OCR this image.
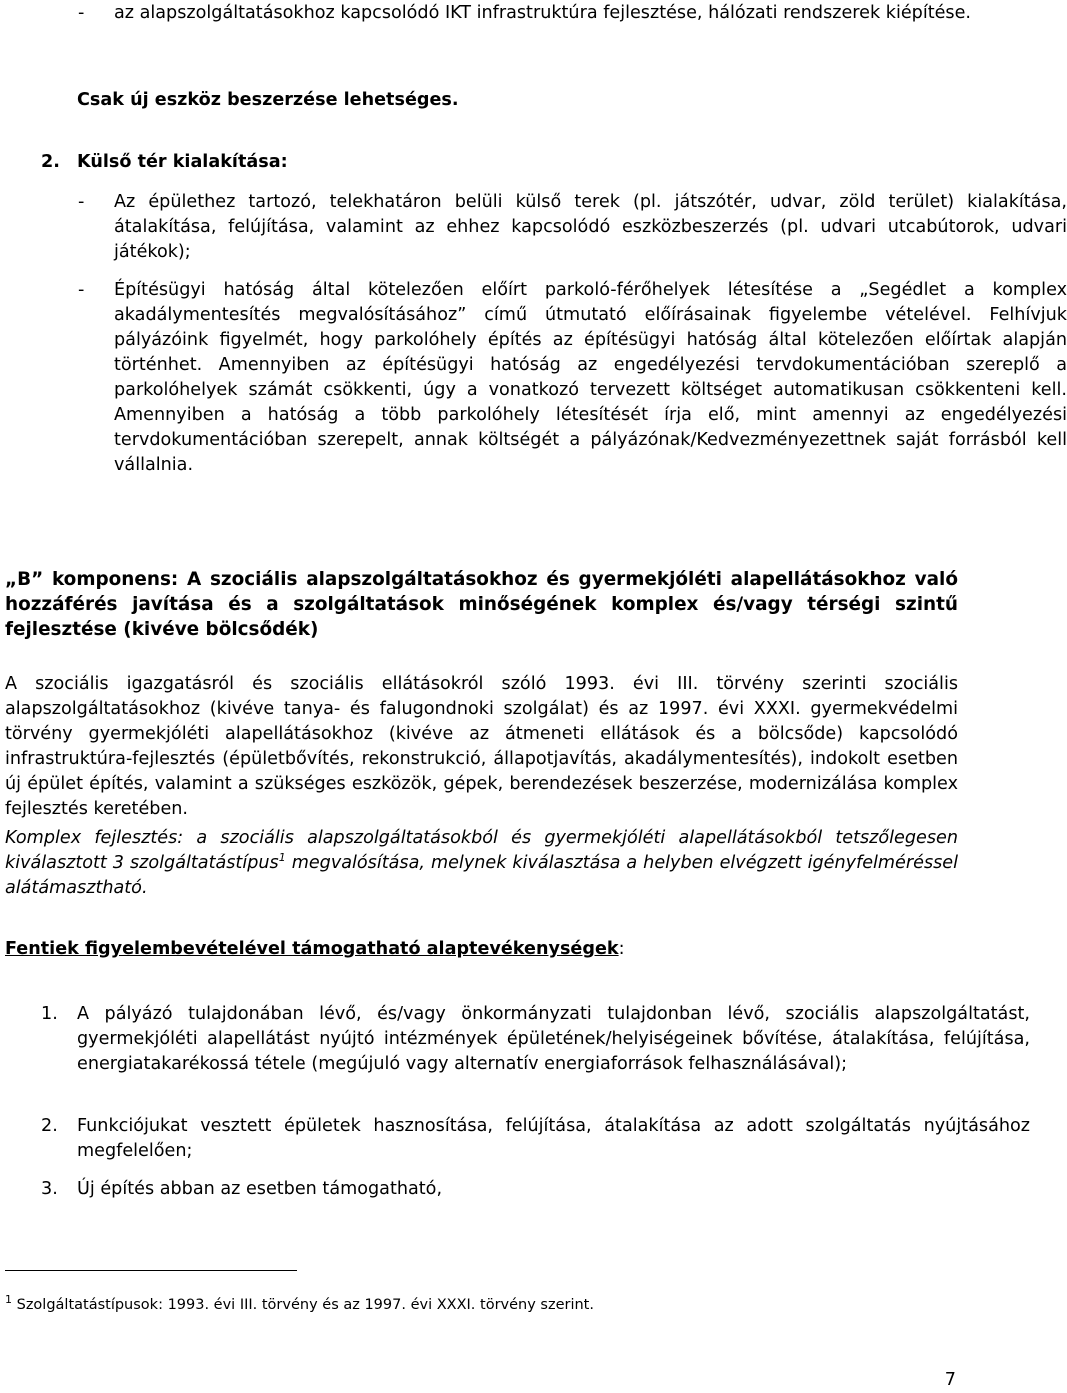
- az alapszolgáltatásokhoz kapcsolódó IKT infrastruktúra fejlesztése, hálózati rendszerek kiépítése.

Csak új eszköz beszerzése lehetséges.

2. Külső tér kialakítása:
- Az épülethez tartozó, telekhatáron belüli külső terek (pl. játszótér, udvar, zöld terület) kialakítása, átalakítása, felújítása, valamint az ehhez kapcsolódó eszközbeszerzés (pl. udvari utcabútorok, udvari játékok);
- Építésügyi hatóság által kötelezően előírt parkoló-férőhelyek létesítése a „Segédlet a komplex akadálymentesítés megvalósításához” című útmutató előírásainak figyelembe vételével. Felhívjuk pályázóink figyelmét, hogy parkolóhely építés az építésügyi hatóság által kötelezően előírtak alapján történhet. Amennyiben az építésügyi hatóság az engedélyezési tervdokumentációban szereplő a parkolóhelyek számát csökkenti, úgy a vonatkozó tervezett költséget automatikusan csökkenteni kell. Amennyiben a hatóság a több parkolóhely létesítését írja elő, mint amennyi az engedélyezési tervdokumentációban szerepelt, annak költségét a pályázónak/Kedvezményezettnek saját forrásból kell vállalnia.

„B” komponens: A szociális alapszolgáltatásokhoz és gyermekjóléti alapellátásokhoz való hozzáférés javítása és a szolgáltatások minőségének komplex és/vagy térségi szintű fejlesztése (kivéve bölcsődék)

A szociális igazgatásról és szociális ellátásokról szóló 1993. évi III. törvény szerinti szociális alapszolgáltatásokhoz (kivéve tanya- és falugondnoki szolgálat) és az 1997. évi XXXI. gyermekvédelmi törvény gyermekjóléti alapellátásokhoz (kivéve az átmeneti ellátások és a bölcsőde) kapcsolódó infrastruktúra-fejlesztés (épületbővítés, rekonstrukció, állapotjavítás, akadálymentesítés), indokolt esetben új épület építés, valamint a szükséges eszközök, gépek, berendezések beszerzése, modernizálása komplex fejlesztés keretében.

Komplex fejlesztés: a szociális alapszolgáltatásokból és gyermekjóléti alapellátásokból tetszőlegesen kiválasztott 3 szolgáltatástípus$^1$ megvalósítása, melynek kiválasztása a helyben elvégzett igényfelméréssel alátámasztható.

Fentiek figyelembevételével támogatható alaptevékenységek:

1. A pályázó tulajdonában lévő, és/vagy önkormányzati tulajdonban lévő, szociális alapszolgáltatást, gyermekjóléti alapellátást nyújtó intézmények épületének/helyiségeinek bővítése, átalakítása, felújítása, energiatakarékossá tétele (megújuló vagy alternatív energiaforrások felhasználásával);
2. Funkciójukat vesztett épületek hasznosítása, felújítása, átalakítása az adott szolgáltatás nyújtásához megfelelően;
3. Új építés abban az esetben támogatható,

$^1$ Szolgáltatástípusok: 1993. évi III. törvény és az 1997. évi XXXI. törvény szerint.

7
